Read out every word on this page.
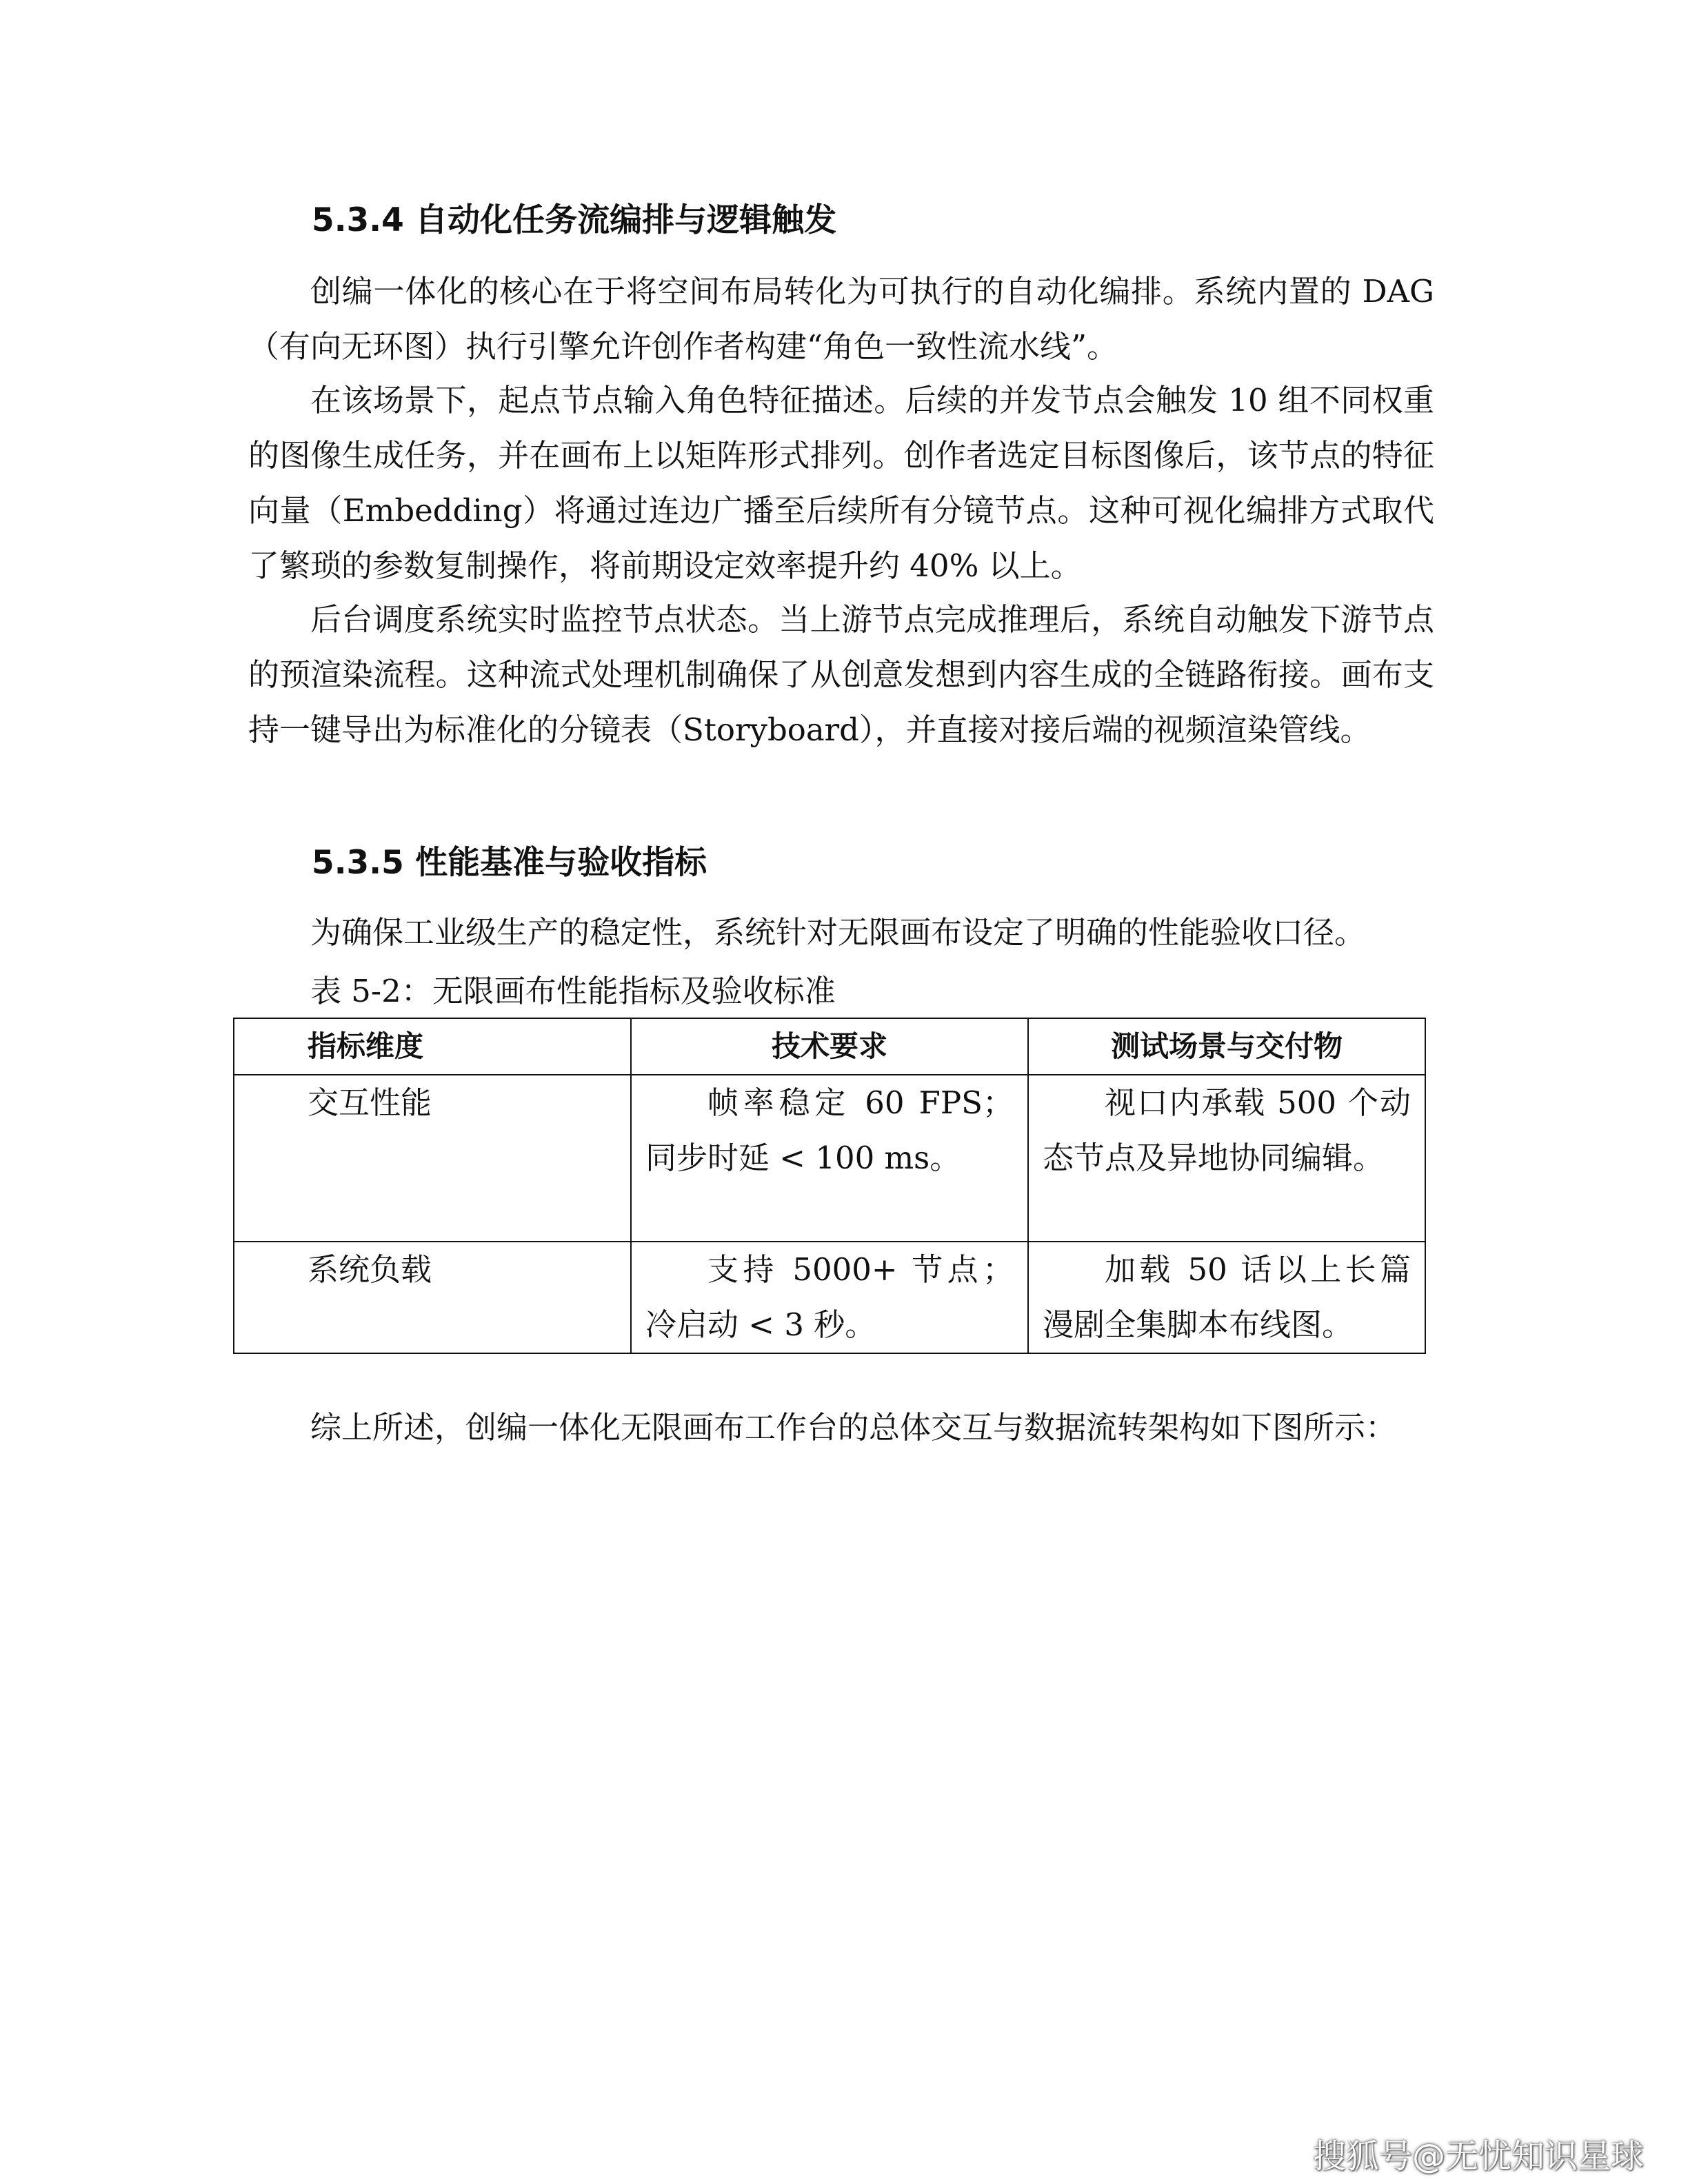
5.3.4 自动化任务流编排与逻辑触发

创编一体化的核心在于将空间布局转化为可执行的自动化编排。系统内置的 DAG（有向无环图）执行引擎允许创作者构建“角色一致性流水线”。

在该场景下，起点节点输入角色特征描述。后续的并发节点会触发 10 组不同权重的图像生成任务，并在画布上以矩阵形式排列。创作者选定目标图像后，该节点的特征向量（Embedding）将通过连边广播至后续所有分镜节点。这种可视化编排方式取代了繁琐的参数复制操作，将前期设定效率提升约 40% 以上。

后台调度系统实时监控节点状态。当上游节点完成推理后，系统自动触发下游节点的预渲染流程。这种流式处理机制确保了从创意发想到内容生成的全链路衔接。画布支持一键导出为标准化的分镜表（Storyboard），并直接对接后端的视频渲染管线。

5.3.5 性能基准与验收指标

为确保工业级生产的稳定性，系统针对无限画布设定了明确的性能验收口径。

表 5-2：无限画布性能指标及验收标准
指标维度	技术要求	测试场景与交付物
交互性能	帧率稳定 60 FPS；同步时延 < 100 ms。	视口内承载 500 个动态节点及异地协同编辑。
系统负载	支持 5000+ 节点；冷启动 < 3 秒。	加载 50 话以上长篇漫剧全集脚本布线图。

综上所述，创编一体化无限画布工作台的总体交互与数据流转架构如下图所示：

搜狐号@无忧知识星球
